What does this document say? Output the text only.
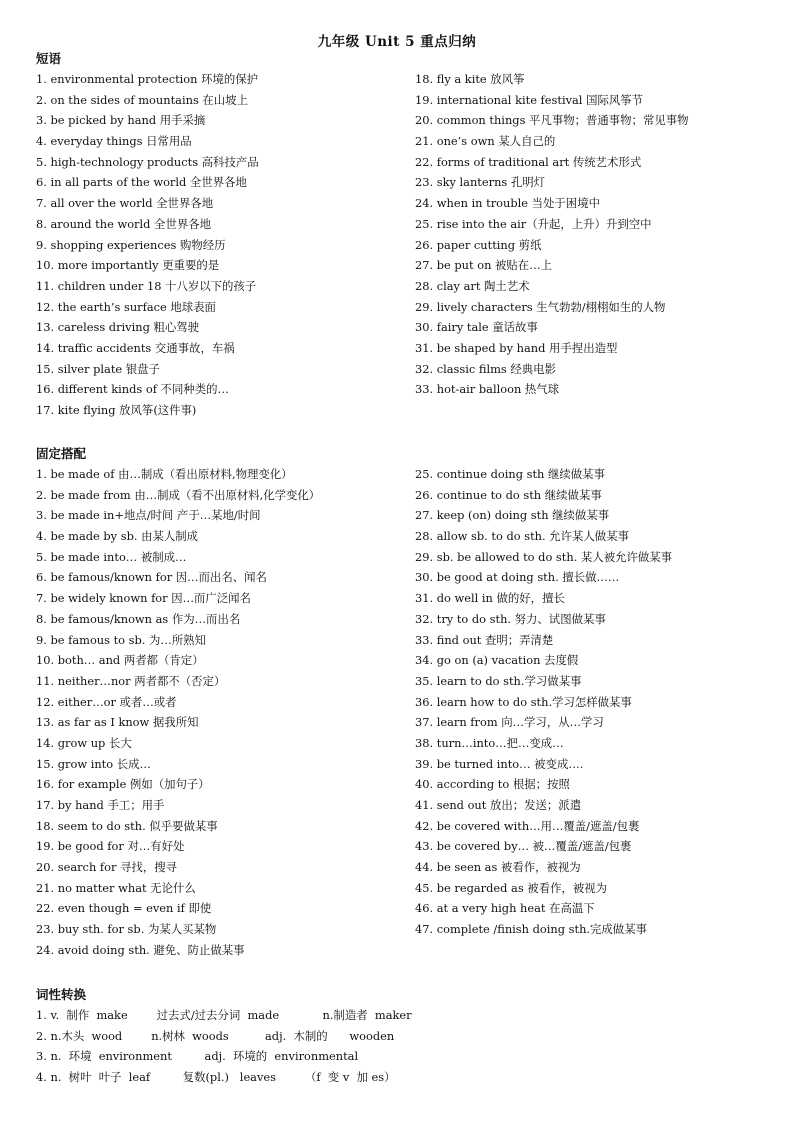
九年级 Unit 5 重点归纳
短语
1. environmental protection 环境的保护
2. on the sides of mountains 在山坡上
3. be picked by hand 用手采摘
4. everyday things 日常用品
5. high-technology products 高科技产品
6. in all parts of the world 全世界各地
7. all over the world 全世界各地
8. around the world 全世界各地
9. shopping experiences 购物经历
10. more importantly 更重要的是
11. children under 18 十八岁以下的孩子
12. the earth’s surface 地球表面
13. careless driving 粗心驾驶
14. traffic accidents 交通事故，车祸
15. silver plate 银盘子
16. different kinds of 不同种类的…
17. kite flying 放风筝(这件事)
18. fly a kite 放风筝
19. international kite festival 国际风筝节
20. common things 平凡事物；普通事物；常见事物
21. one’s own 某人自己的
22. forms of traditional art 传统艺术形式
23. sky lanterns 孔明灯
24. when in trouble 当处于困境中
25. rise into the air（升起，上升）升到空中
26. paper cutting 剪纸
27. be put on 被贴在…上
28. clay art 陶土艺术
29. lively characters 生气勃勃/栩栩如生的人物
30. fairy tale 童话故事
31. be shaped by hand 用手捏出造型
32. classic films 经典电影
33. hot-air balloon 热气球
固定搭配
1. be made of 由…制成（看出原材料,物理变化）
2. be made from 由…制成（看不出原材料,化学变化）
3. be made in+地点/时间 产于…某地/时间
4. be made by sb. 由某人制成
5. be made into… 被制成…
6. be famous/known for 因…而出名、闻名
7. be widely known for 因…而广泛闻名
8. be famous/known as 作为…而出名
9. be famous to sb. 为…所熟知
10. both… and 两者都（肯定）
11. neither…nor 两者都不（否定）
12. either…or 或者…或者
13. as far as I know 据我所知
14. grow up 长大
15. grow into 长成…
16. for example 例如（加句子）
17. by hand 手工；用手
18. seem to do sth. 似乎要做某事
19. be good for 对…有好处
20. search for 寻找，搜寻
21. no matter what 无论什么
22. even though = even if 即使
23. buy sth. for sb. 为某人买某物
24. avoid doing sth. 避免、防止做某事
25. continue doing sth 继续做某事
26. continue to do sth 继续做某事
27. keep (on) doing sth 继续做某事
28. allow sb. to do sth. 允许某人做某事
29. sb. be allowed to do sth. 某人被允许做某事
30. be good at doing sth. 擅长做……
31. do well in 做的好，擅长
32. try to do sth. 努力、试图做某事
33. find out 查明；弄清楚
34. go on (a) vacation 去度假
35. learn to do sth.学习做某事
36. learn how to do sth.学习怎样做某事
37. learn from 向…学习，从…学习
38. turn…into…把…变成…
39. be turned into… 被变成….
40. according to 根据；按照
41. send out 放出；发送；派遣
42. be covered with…用…覆盖/遮盖/包裹
43. be covered by… 被…覆盖/遮盖/包裹
44. be seen as 被看作，被视为
45. be regarded as 被看作，被视为
46. at a very high heat 在高温下
47. complete /finish doing sth.完成做某事
词性转换
1. v.  制作  make        过去式/过去分词  made            n.制造者  maker
2. n.木头  wood        n.树林  woods          adj.  木制的      wooden
3. n.  环境  environment         adj.  环境的  environmental
4. n.  树叶  叶子  leaf         复数(pl.)   leaves        （f  变 v  加 es）
